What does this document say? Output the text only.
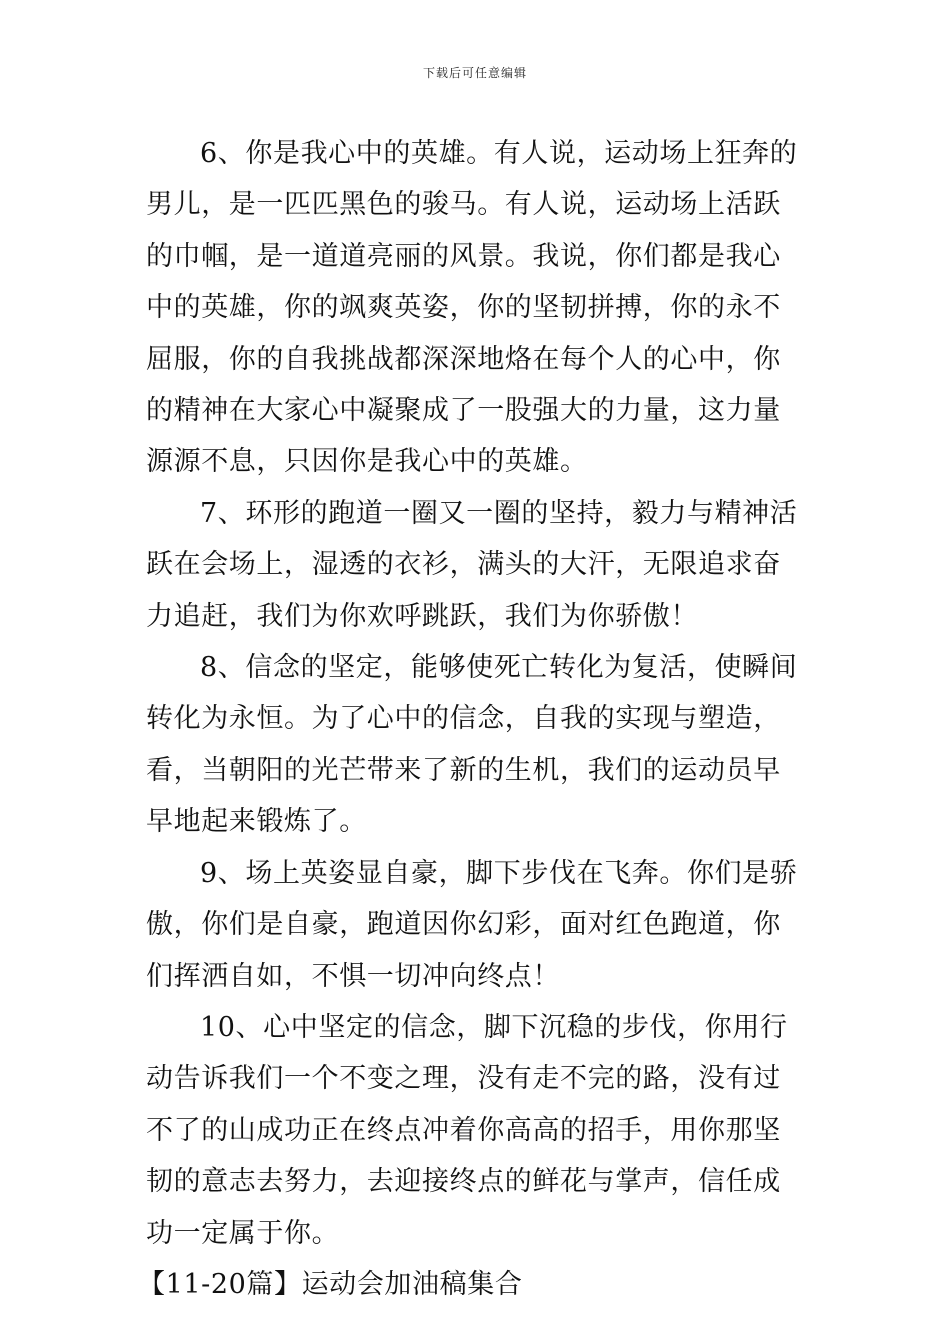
下载后可任意编辑

6、你是我心中的英雄。有人说，运动场上狂奔的男儿，是一匹匹黑色的骏马。有人说，运动场上活跃的巾帼，是一道道亮丽的风景。我说，你们都是我心中的英雄，你的飒爽英姿，你的坚韧拼搏，你的永不屈服，你的自我挑战都深深地烙在每个人的心中，你的精神在大家心中凝聚成了一股强大的力量，这力量源源不息，只因你是我心中的英雄。

7、环形的跑道一圈又一圈的坚持，毅力与精神活跃在会场上，湿透的衣衫，满头的大汗，无限追求奋力追赶，我们为你欢呼跳跃，我们为你骄傲！

8、信念的坚定，能够使死亡转化为复活，使瞬间转化为永恒。为了心中的信念，自我的实现与塑造，看，当朝阳的光芒带来了新的生机，我们的运动员早早地起来锻炼了。

9、场上英姿显自豪，脚下步伐在飞奔。你们是骄傲，你们是自豪，跑道因你幻彩，面对红色跑道，你们挥洒自如，不惧一切冲向终点！

10、心中坚定的信念，脚下沉稳的步伐，你用行动告诉我们一个不变之理，没有走不完的路，没有过不了的山成功正在终点冲着你高高的招手，用你那坚韧的意志去努力，去迎接终点的鲜花与掌声，信任成功一定属于你。

【11-20篇】运动会加油稿集合
